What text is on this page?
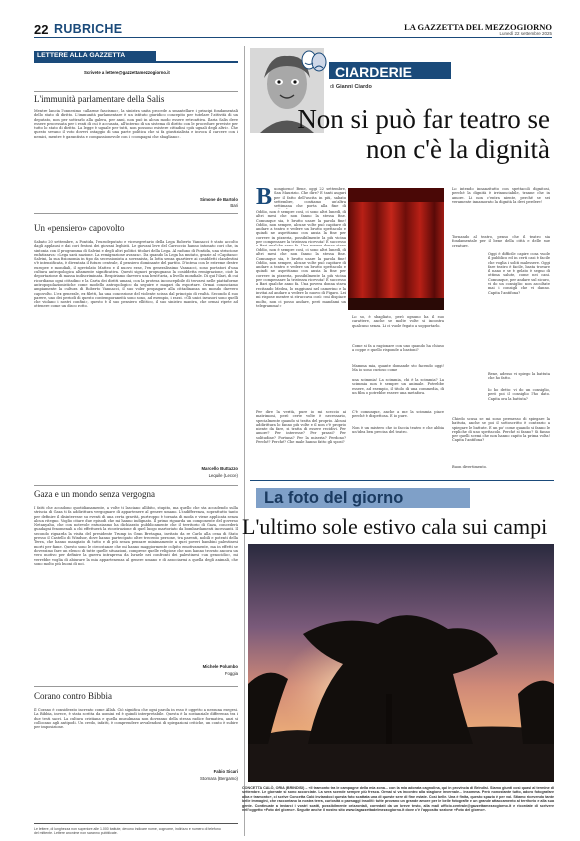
22 RUBRICHE	LA GAZZETTA DEL MEZZOGIORNO
Lunedì 22 settembre 2025
LETTERE ALLA GAZZETTA
Scrivete a lettere@gazzettamezzogiorno.it
L'immunità parlamentare della Salis
Mentre lancia l'onnesimo «allarme fascismo», la sinistra unita procede a smantellare i principi fondamentali dello stato di diritto. L'immunità parlamentare è un istituto giuridico concepito per tutelare l'attività di un deputato, non per sottrarlo alla galera, per anni, non può in alcun modo essere retroattiva. Ilaria Salis deve essere processata per i reati di cui è accusata, all'interno di un sistema di diritto con le procedure previste per tutto lo stato di diritto. La legge è uguale per tutti, non possono esistere cittadini «più uguali degli altri». Che questo sevano il voto dovevi ostaggio di una parte politica che si fa giustizialista e invoca il carcere con i nemici, mentre è garantista e compassionevole con i «compagni che sbagliano».
Simone de Bartolo
Bari
Un «pensiero» capovolto
Sabato 20 settembre, a Pontida, l'eurodeputato e vicesegretario della Lega Roberto Vannacci è stato accolto dagli applausi e dai cori festosi dei giovani leghisti. Le giovani leve del Carroccio hanno intonato cori che, in sintonia con il programma di Salvini e degli altri politici titolari della Lega. Al raduno di Pontida, una striscione enfatizzava: «Lega sarà nazione. La remigrazione avanza». Da quando la Lega ha mutato, grazie al «Capitano» Salvini, la sua fisionomia in tipo da secessionista a sovranista, la lotta senza quartiere ai cosiddetti clandestini s'è intensificata, è diventata il futuro centrale, il pensiero dominante del partito. D'intesa con le estreme destre europee e mondiali, il sgretolato Matteo e il nuovo erae, l'ex generalissimo Vannacci, sono portatori d'una cultura antropologica altamente significativa. Questi signori propugnano la cosiddetta remigrazione, cioè la deportazione di massa indiscriminata. Respiriamo davvero una brutt'aria, a livello mondiale. Di qui l'ilari, di cui ricordiamo ogni cittadino e la Carta dei diritti umani, con la protesa inconcepibile di trovarsi nelle piattaforme antropopolazionistiche come modello antropologico da seguire e magari da esportare. Ormai conosciamo ampiamente la cultura di Roberto Vannacci, il suo voler propagare alla cittadinanza un mondo davvero capovolto. L'ex generale, ex filetti, ha una concezione del violente scissa dal principio di realtà. Secondo il suo parere, uno dei periodi di questo contemporaneità sono sono, ad esempio, i razzi. «Gli unici invasori sono quelli che violano i nostri confini», questo è il suo pensiero ellittico, il suo sinistro mantra, che ormai ripete ad ottenere come un disco rotto.
Marcello Buttazzo
Lequile (Lecce)
Gaza e un mondo senza vergogna
I fatti che accadono quotidianamente, a volte ti lasciano allibito, stupito, ma quello che sta accadendo sulla striscia di Gaza ti fa addirittura vergognare di appartenere al genere umano. L'indifferenza, soprattutto tanto per definire il disinteresse su eventi di una certa gravità, purtroppo è tornata di moda e viene applicata senza alcun ritegno. Voglio citare due episodi che mi hanno indignato. Il primo riguarda un componente del governo Netanyahu, che con notevole entusiasmo ha dichiarato pubblicamente che il territorio di Gaza, concederà guadagni fenomenali a chi effettuerà la ricostruzione di quel luogo martoriato da bombardamenti incessanti. Il secondo riguarda la visita del presidente Trump in Gran Bretagna, invitato da re Carlo alla cena di Stato presso il Castello di Windsor, dove hanno partecipato oltre trecento persone, tra parenti, nobili e potenti della Terra, che hanno mangiato di tutto e di più senza pensare minimamente a quei poveri bambini palestinesi morti per fame. Questo sono le circostanze che mi hanno maggiormente colpito emotivamente, ma in effetti se dovessimo fare un elenco di tutte quelle situazioni, comprese quelle religiose che non hanno trovato ancora un vero motivo per definire la guerra intrapresa da Israele nei confronti dei palestinesi «un genocidio», mi verrebbe voglia di abiurare la mia appartenenza al genere umano e di associarmi a quella degli animali, che sono molto più buoni di noi.
Michele Polumbo
Foggia
Corano contro Bibbia
Il Corano è considerato increato come Allah. Ciò significa che ogni parola in esso è oggetto a nessuna esegesi. La Bibbia, invece, è stata scritta da uomini ed è quindi interpretabile. Questa è la sostanziale differenza tra i due testi sacri. La cultura cristiana e quella musulmana non dovranno della stessa radice formativa, anzi si collocano agli antipodi. Un credo, infatti, è comprendere avvalendosi di spiegazioni critiche, un conto è subire per imposizione.
Fabio Sicari
Stornara (Bergamo)
Le lettere, di lunghezza non superiore alle 1.000 battute, devono indicare nome, cognome, indirizzo e numero di telefono del mittente. Lettere anonime non saranno pubblicate.
CIARDERIE
di Gianni Ciardo
Non si può far teatro se non c'è la dignità
B uongiorno! Bene, oggi 22 settembre, San Maurizio. Che dire? E tanti auguri per il fatto dell'uscita in più, sabato settembre, contiamo un'altra settimana che porta alla fine di
Oddio, non è sempre così, ci sono altri lunedì, di altri mesi che non fanno la stessa fine. Comunque sia, è brutto usare la parola fine! Oddio, non sempre, alcune volte può capitare di andare a teatro e vedere un brutto spettacolo e quindi ne aspettiamo con ansia la fine per correre in pizzeria, possibilmente la più vicina per compensare la tristezza ricevuta! E successo
Oddio, non è sempre così, ci sono altri lunedì, di altri mesi che non fanno la stessa fine. Comunque sia, è brutto usare la parola fine! Oddio, non sempre, alcune volte può capitare di andare a teatro e vedere un brutto spettacolo e quindi ne aspettiamo con ansia la fine per correre in pizzeria, possibilmente la più vicina per compensare la tristezza ricevuta! E successo a Bari qualche anno fa. Una povera donna stava recitando Medea, lo raggiunsi nel camerino e la invitai ad andare a vedere lo nuovo di Figaro. Lei mi rispose mentre si struccava così: «mi dispiace molto, non ci posso andare, però mandami un telegramma!»
Per dire la verità, pure io mi sceccio ai matrimoni, però certe volte è necessario, specialmente quando si tratta del proprio. Alcuni addirittura lo fanno più volte e il non c'è proprio niente da fare, si tratta di essere recidivi. Per amore? Per interesse? Per prassi? Per solitudine? Fortuna? Per la miseria? Perdono? Perché? Perché? Che male hanno fatto gli sposi?
Lo so, è sbagliato, però ognuno ha il suo carattere, anche se molte volte si incontra qualcuno senza. Li ci vuole fegato a sopportarlo.
Come si fa a ragionare con uno quando ha chiuso a coppe e quello risponde a bastoni?
Mamma mia, quante domande sto facendo oggi! Ma io sono curioso come
una scimmia! La scimmia, chi è la scimmia? La scimmia non è sempre un animale. Potrebbe essere, ad esempio, il titolo di una commedia, di un film o potrebbe essere una metafora.
C'è comunque, anche a me la scimmia piace perché è dispettosa. E io pure.
Non è un mistero che io faccia teatro e che abbia un'idea ben precisa del teatro.
Lo intendo innanzitutto con spettacoli dignitosi, perché la dignità è irrinunciabile, tranne che in amore. Li non c'entra niente, perché se sei veramente innamorato la dignità la devi perdere!
Tornando al teatro, penso che il teatro sia fondamentale per il bene della città e delle sue creature.
Oggi è difficile capire cosa vuole il pubblico ed in certi casi è facile che voglia i soliti malessere. Oggi fare teatro è facile, basta trovare il nano e se è gelato è segno di ottima salute, come nei cani. Comunque, per andare sul sicuro, vi do un consiglio: non ascoltate mai i consigli che vi danno. Capita l'antifona?
Bene, adesso vi spiego la battuta che ho fatto.
Io ho detto: vi do un consiglio, però poi il consiglio l'ho dato. Capita ora la battuta?
Chiedo scusa se mi sono permesso di spiegare la battuta, anche se poi il sottoscritto è contrario a spiegare le battute. E un po' come quando si fanno le repliche di uno spettacolo. Perché si fanno? Si fanno per quelli scemi che non hanno capito la prima volta! Capita l'antifona?
Buon divertimento.
La foto del giorno
L'ultimo sole estivo cala sui campi
CONCETTA CALÒ, ORIA (BRINDISI) – «Il tramonto tra le campagne della mia zona... con la mia adorata cagnolina, qui in provincia di Brindisi. Siamo giunti così quasi al termine di settembre. Le giornate si sono accorciate. La sera scende sempre più fresca. Ormai si va incontro alla stagione invernale... insomma. Però nonostante tutto, adoro fotografare alba e tramonto», ci scrive Concetta Calò inviandoci questa foto scattata una di queste sere di fine estate. Così belle. Una è finita, questo spazio è per voi. Stiamo ricevendo tante belle immagini, che raccontano la nostra terra, curiosità o paesaggi insoliti: tutte provano un grande amore per le belle fotografie e un grande attaccamento al territorio e alla sua gente. Continuate a inviarci i vostri scatti, possibilmente orizzontali, corredati da un breve testo, alla mail ufficio.centrale@gazzettamezzogiorno.it e ricordate di scrivere nell'oggetto «Foto del giorno». Seguite anche il nostro sito www.lagazzettadelmezzogiorno.it dove c'è l'apposito sezione «Foto del giorno».
